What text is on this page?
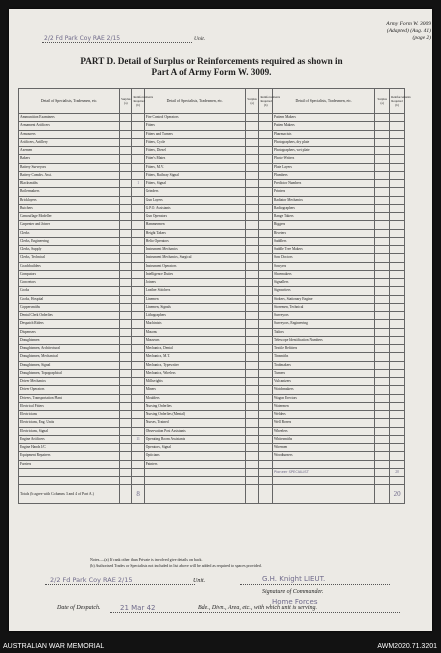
2/2 Fd Park Coy RAE 2/15	Unit.
Army Form W. 3009
(Adapted) (Aug. 41)
(page 2)
PART D. Detail of Surplus or Reinforcements required as shown in
Part A of Army Form W. 3009.
Detail of Specialists, Tradesmen, etc.	Surplus (a)	Reinforcements Required (b)	Detail of Specialists, Tradesmen, etc.	Surplus (a)	Reinforcements Required (b)	Detail of Specialists, Tradesmen, etc.	Surplus (a)	Reinforcements Required (b)
Ammunition Examiners			Fire Control Operators			Pattern Makers		
Armament Artificers			Fitters			Patten Makers		
Armourers			Fitters and Turners			Pharmacists		
Artificers, Artillery			Fitters, Cycle			Photographers, dry plate		
Axemen			Fitters, Diesel			Photographers, wet plate		
Bakers			Fitter's Mates			Photo-Writers		
Battery Surveyors			Fitters, M.V.			Plate Layers		
Battery Comdrs. Asst.			Fitters, Railway Signal			Plumbers		
Blacksmiths		1	Fitters, Signal			Predictor Numbers		
Boilermakers			Grinders			Printers		
Bricklayers			Gun Layers			Radiator Mechanics		
Butchers			G.P.O. Assistants			Radiographers		
Camouflage Modeller			Gun Operators			Range Takers		
Carpenter and Joiner			Hammermen			Riggers		
Clerks			Height Takers			Riveters		
Clerks, Engineering			Helio Operators			Saddlers		
Clerks, Supply			Instrument Mechanics			Saddle Tree Makers		
Clerks, Technical			Instrument Mechanics, Surgical			Saw Doctors		
Coachbuilders			Instrument Operators			Sawyers		
Computors			Intelligence Duties			Shoemakers		
Concretors			Joiners			Signallers		
Cooks			Leather Stitchers			Signwriters		
Cooks, Hospital			Linemen			Stokers, Stationary Engine		
Coppersmiths			Linemen, Signals			Storemen, Technical		
Dental Clerk Orderlies			Lithographers			Surveyors		
Despatch Riders			Machinists			Surveyors, Engineering		
Dispensers			Masons			Tailors		
Draughtsmen			Masseurs			Telescope Identification Numbers		
Draughtsmen, Architectural			Mechanics, Dental			Textile Refitters		
Draughtsmen, Mechanical			Mechanics, M.T.			Tinsmiths		
Draughtsmen, Signal			Mechanics, Typewriter			Toolmakers		
Draughtsmen, Topographical			Mechanics, Wireless			Turners		
Driver Mechanics			Millwrights			Vulcanizers		
Driver Operators			Miners			Watchmakers		
Drivers, Transportation Plant			Moulders			Wagon Erectors		
Electrical Fitters			Nursing Orderlies			Watermen		
Electricians			Nursing Orderlies (Mental)			Welders		
Electricians, Eng. Units			Nurses, Trained			Well Borers		
Electricians, Signal			Observation Post Assistants			Wheelers		
Engine Artificers		11	Operating Room Assistants			Whitesmiths		
Engine Hands I/C			Operators, Signal			Wiremen		
Equipment Repairers			Opticians			Woodturners		
Farriers			Painters					
						Pioneer SPECIALIST		20

Totals (b agree with Columns 3 and 4 of Part A.)		8						20
Notes.—(a) If rank other than Private is involved give details on back.
(b) Authorised Trades or Specialists not included in list above will be added as required to spaces provided.
2/2 Fd Park Coy RAE 2/15	Unit.	G.H. Knight LIEUT.
Signature of Commander.
Home Forces
21 Mar 42
Date of Despatch.	Bde., Divn., Area, etc., with which unit is serving.
AUSTRALIAN WAR MEMORIAL	AWM2020.71.3201
